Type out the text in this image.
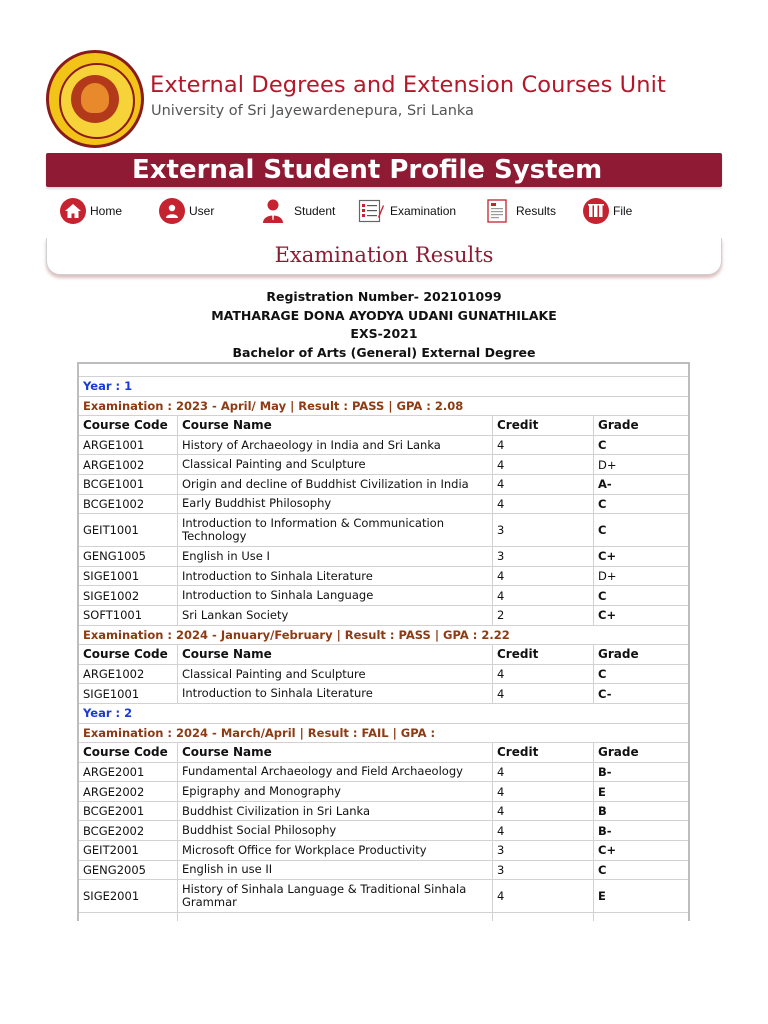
External Degrees and Extension Courses Unit
University of Sri Jayewardenepura, Sri Lanka
External Student Profile System
Home	User	Student	Examination	Results	File
Examination Results
Registration Number- 202101099
MATHARAGE DONA AYODYA UDANI GUNATHILAKE
EXS-2021
Bachelor of Arts (General) External Degree

Year : 1			
Examination : 2023 - April/ May | Result : PASS | GPA : 2.08			
Course Code	Course Name	Credit	Grade
ARGE1001	History of Archaeology in India and Sri Lanka	4	C
ARGE1002	Classical Painting and Sculpture	4	D+
BCGE1001	Origin and decline of Buddhist Civilization in India	4	A-
BCGE1002	Early Buddhist Philosophy	4	C
GEIT1001	Introduction to Information & Communication Technology	3	C
GENG1005	English in Use I	3	C+
SIGE1001	Introduction to Sinhala Literature	4	D+
SIGE1002	Introduction to Sinhala Language	4	C
SOFT1001	Sri Lankan Society	2	C+
Examination : 2024 - January/February | Result : PASS | GPA : 2.22			
Course Code	Course Name	Credit	Grade
ARGE1002	Classical Painting and Sculpture	4	C
SIGE1001	Introduction to Sinhala Literature	4	C-
Year : 2			
Examination : 2024 - March/April | Result : FAIL | GPA :			
Course Code	Course Name	Credit	Grade
ARGE2001	Fundamental Archaeology and Field Archaeology	4	B-
ARGE2002	Epigraphy and Monography	4	E
BCGE2001	Buddhist Civilization in Sri Lanka	4	B
BCGE2002	Buddhist Social Philosophy	4	B-
GEIT2001	Microsoft Office for Workplace Productivity	3	C+
GENG2005	English in use II	3	C
SIGE2001	History of Sinhala Language & Traditional Sinhala Grammar	4	E
